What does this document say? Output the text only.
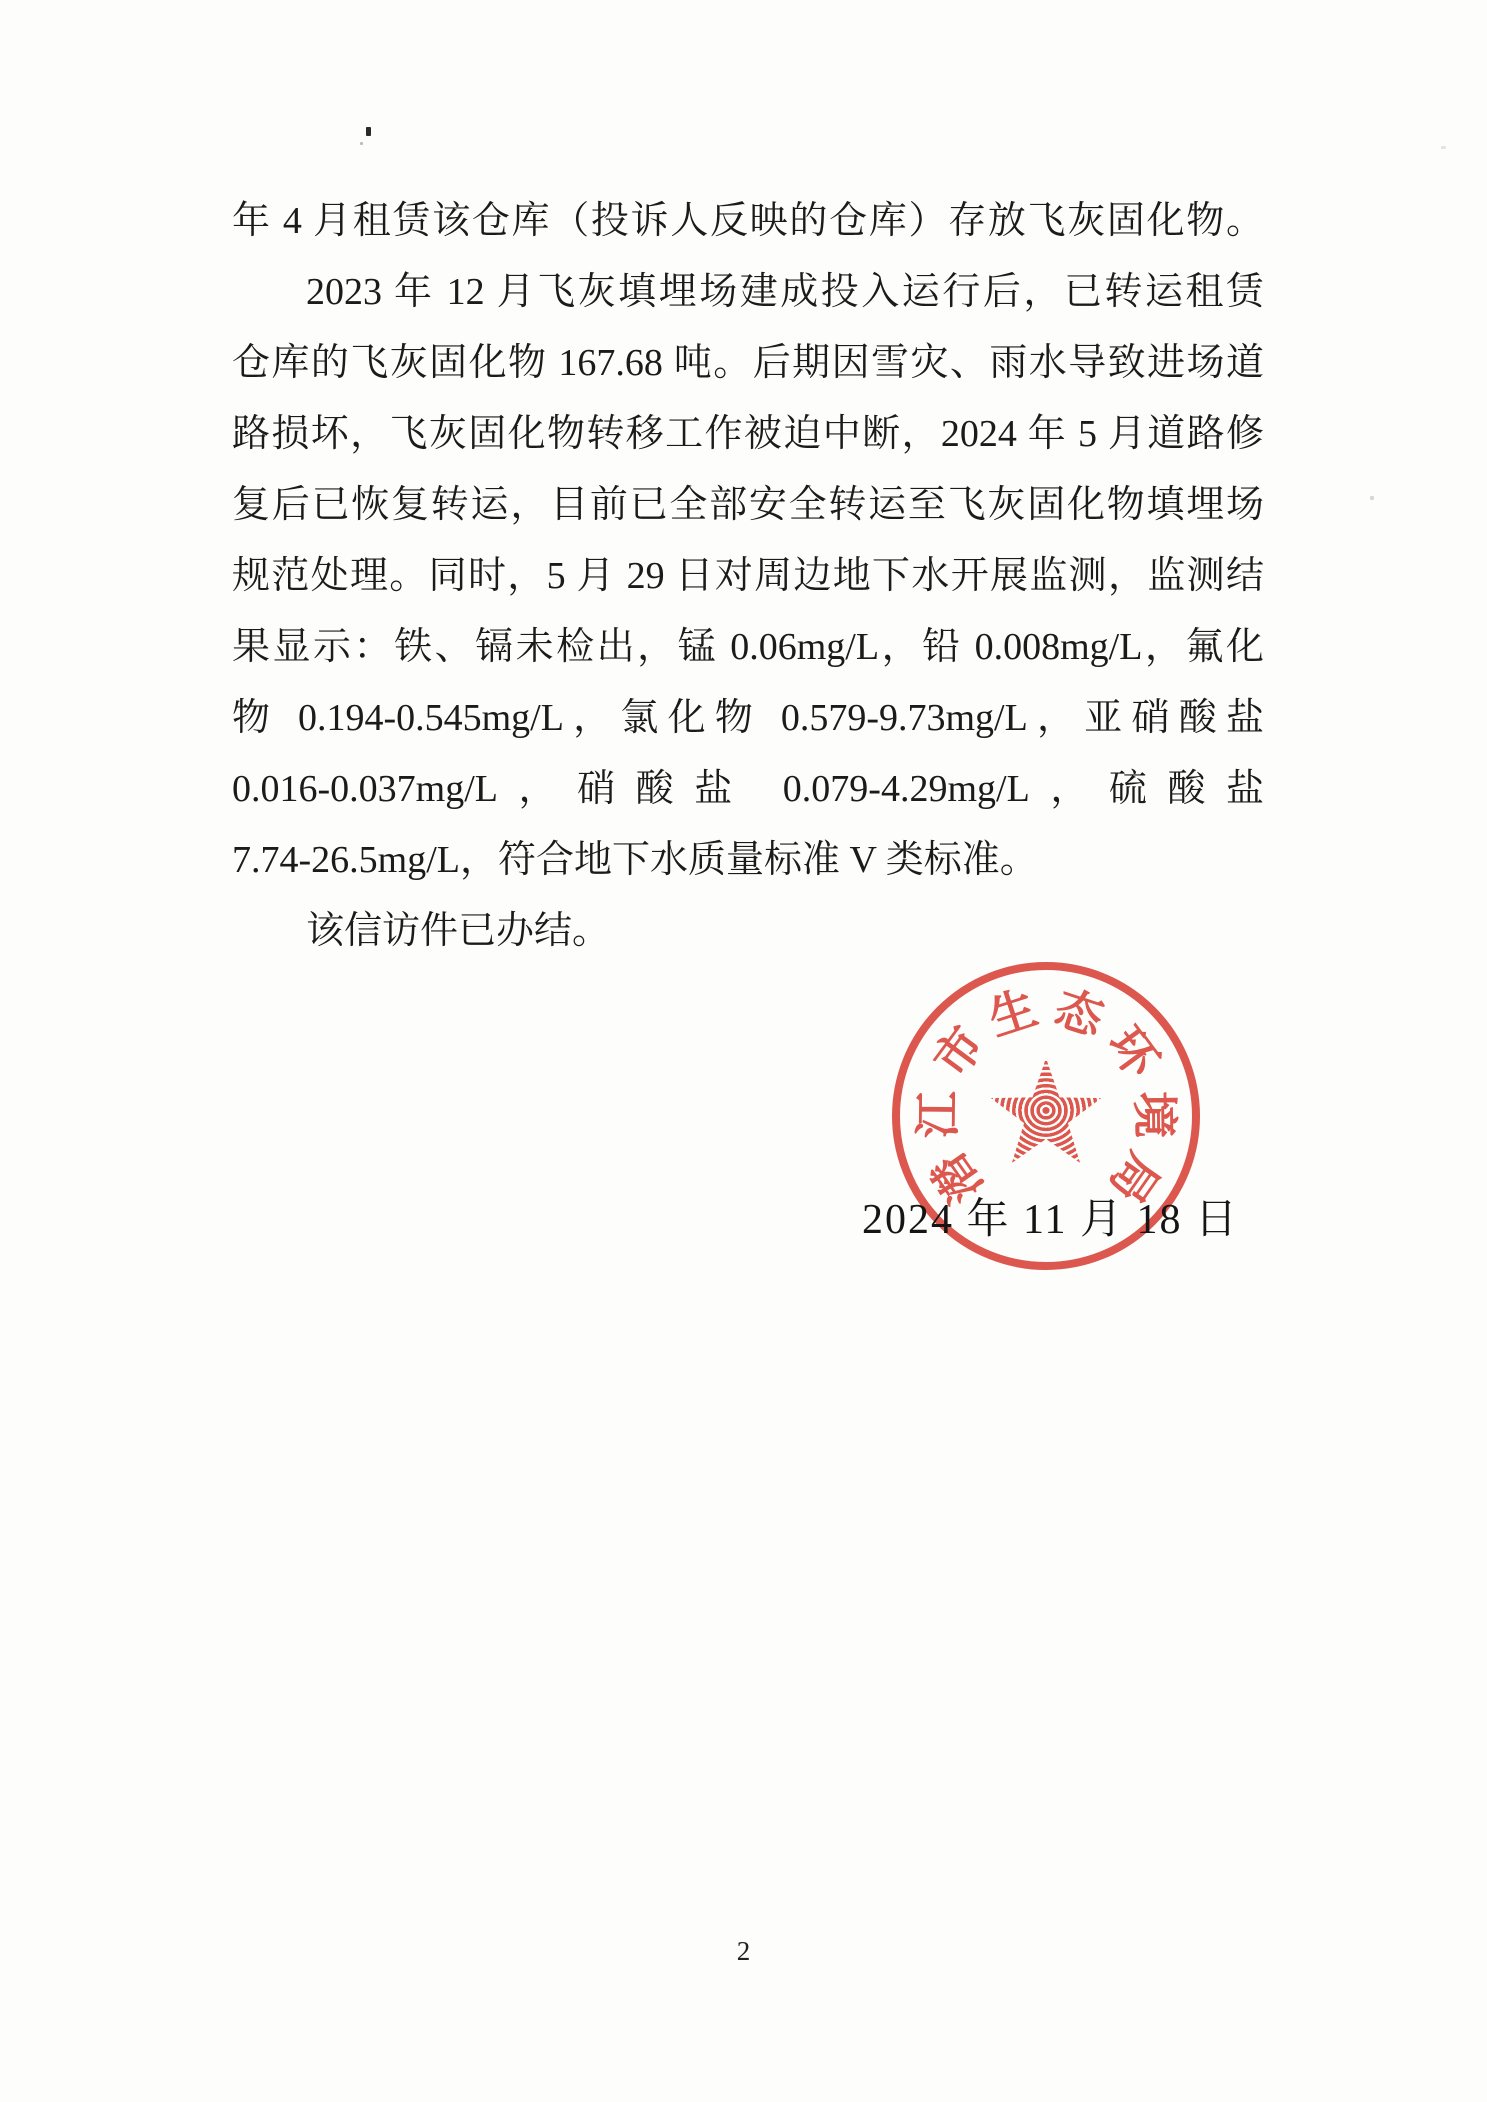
年 4 月租赁该仓库（投诉人反映的仓库）存放飞灰固化物。
2023 年 12 月飞灰填埋场建成投入运行后，已转运租赁
仓库的飞灰固化物 167.68 吨。后期因雪灾、雨水导致进场道
路损坏，飞灰固化物转移工作被迫中断，2024 年 5 月道路修
复后已恢复转运，目前已全部安全转运至飞灰固化物填埋场
规范处理。同时，5 月 29 日对周边地下水开展监测，监测结
果显示：铁、镉未检出，锰 0.06mg/L，铅 0.008mg/L，氟化
物 0.194-0.545mg/L，氯化物 0.579-9.73mg/L，亚硝酸盐
0.016-0.037mg/L，硝酸盐 0.079-4.29mg/L，硫酸盐
7.74-26.5mg/L，符合地下水质量标准 V 类标准。
该信访件已办结。
潜
江
市
生 态
环
境
局
2024 年 11 月 18 日
2
